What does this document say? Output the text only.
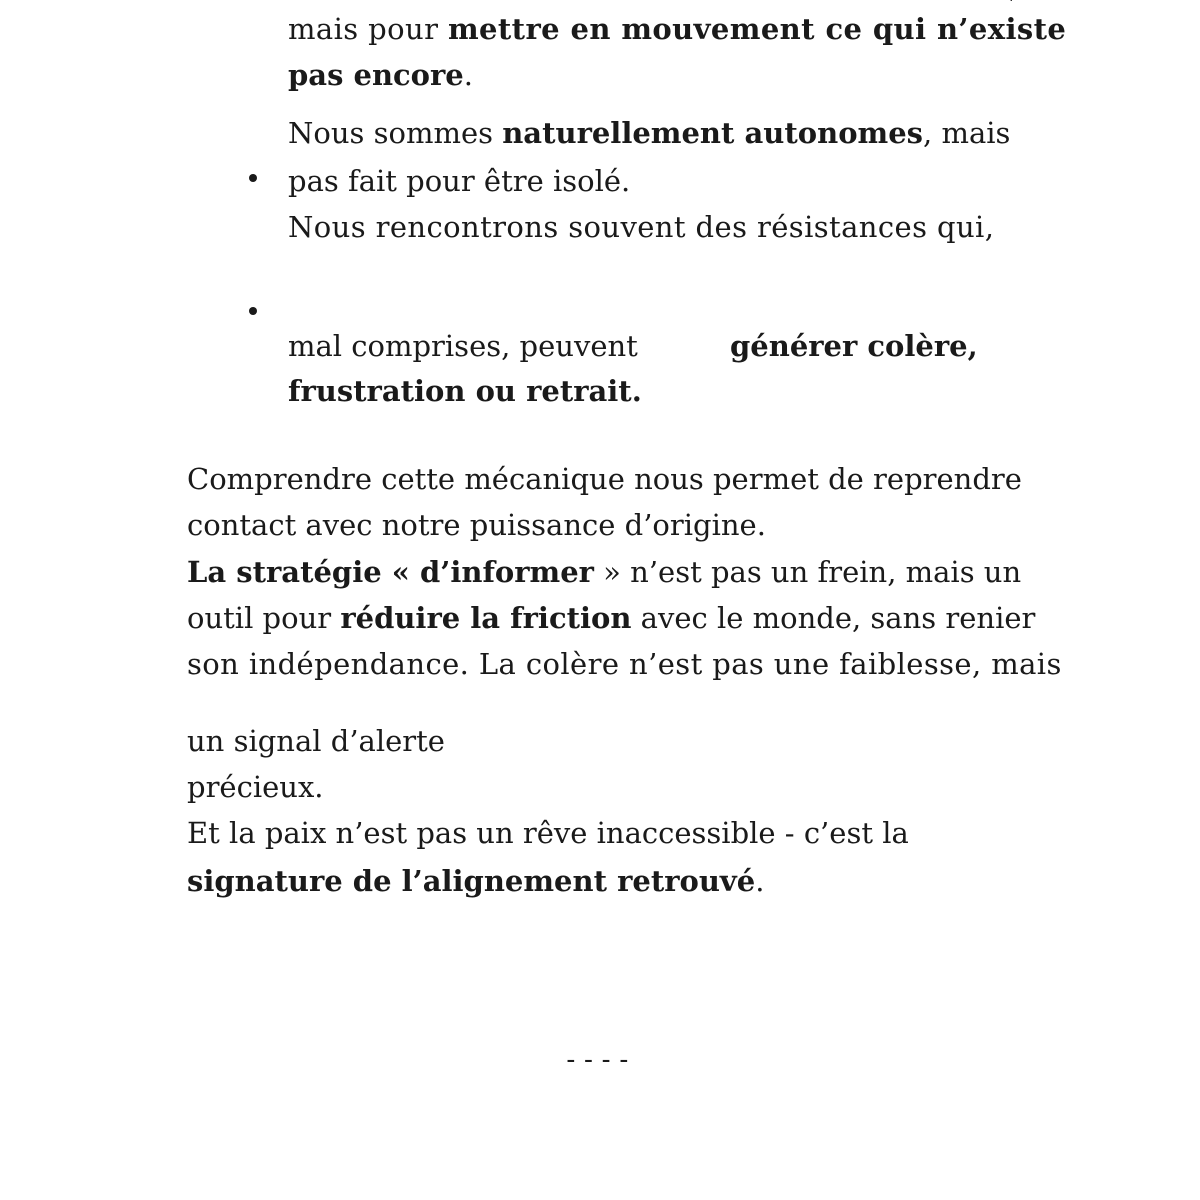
mais pour mettre en mouvement ce qui n’existe
pas encore.
Nous sommes naturellement autonomes, mais
pas fait pour être isolé.
Nous rencontrons souvent des résistances qui,
mal comprises, peuvent	générer colère,
frustration ou retrait.
Comprendre cette mécanique nous permet de reprendre
contact avec notre puissance d’origine.
La stratégie « d’informer » n’est pas un frein, mais un
outil pour réduire la friction avec le monde, sans renier
son indépendance. La colère n’est pas une faiblesse, mais
un signal d’alerte
précieux.
Et la paix n’est pas un rêve inaccessible - c’est la
signature de l’alignement retrouvé.
----
